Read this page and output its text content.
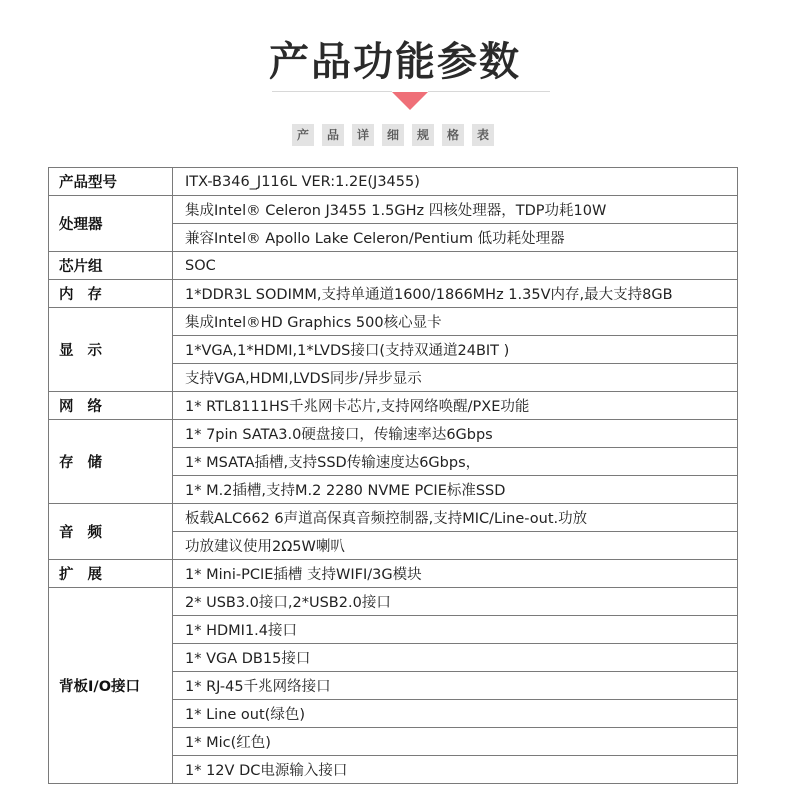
产品功能参数
产	品	详	细	规	格	表
产品型号	ITX-B346_J116L VER:1.2E(J3455)
处理器	集成Intel® Celeron J3455 1.5GHz 四核处理器，TDP功耗10W
	兼容Intel® Apollo Lake Celeron/Pentium 低功耗处理器
芯片组	SOC
内存	1*DDR3L SODIMM,支持单通道1600/1866MHz 1.35V内存,最大支持8GB
显示	集成Intel®HD Graphics 500核心显卡
	1*VGA,1*HDMI,1*LVDS接口(支持双通道24BIT )
	支持VGA,HDMI,LVDS同步/异步显示
网络	1* RTL8111HS千兆网卡芯片,支持网络唤醒/PXE功能
存储	1* 7pin SATA3.0硬盘接口，传输速率达6Gbps
	1* MSATA插槽,支持SSD传输速度达6Gbps，
	1* M.2插槽,支持M.2 2280 NVME PCIE标准SSD
音频	板载ALC662 6声道高保真音频控制器,支持MIC/Line-out.功放
	功放建议使用2Ω5W喇叭
扩展	1* Mini-PCIE插槽 支持WIFI/3G模块
背板I/O接口	2* USB3.0接口,2*USB2.0接口
	1* HDMI1.4接口
	1* VGA DB15接口
	1* RJ-45千兆网络接口
	1* Line out(绿色)
	1* Mic(红色)
	1* 12V DC电源输入接口
